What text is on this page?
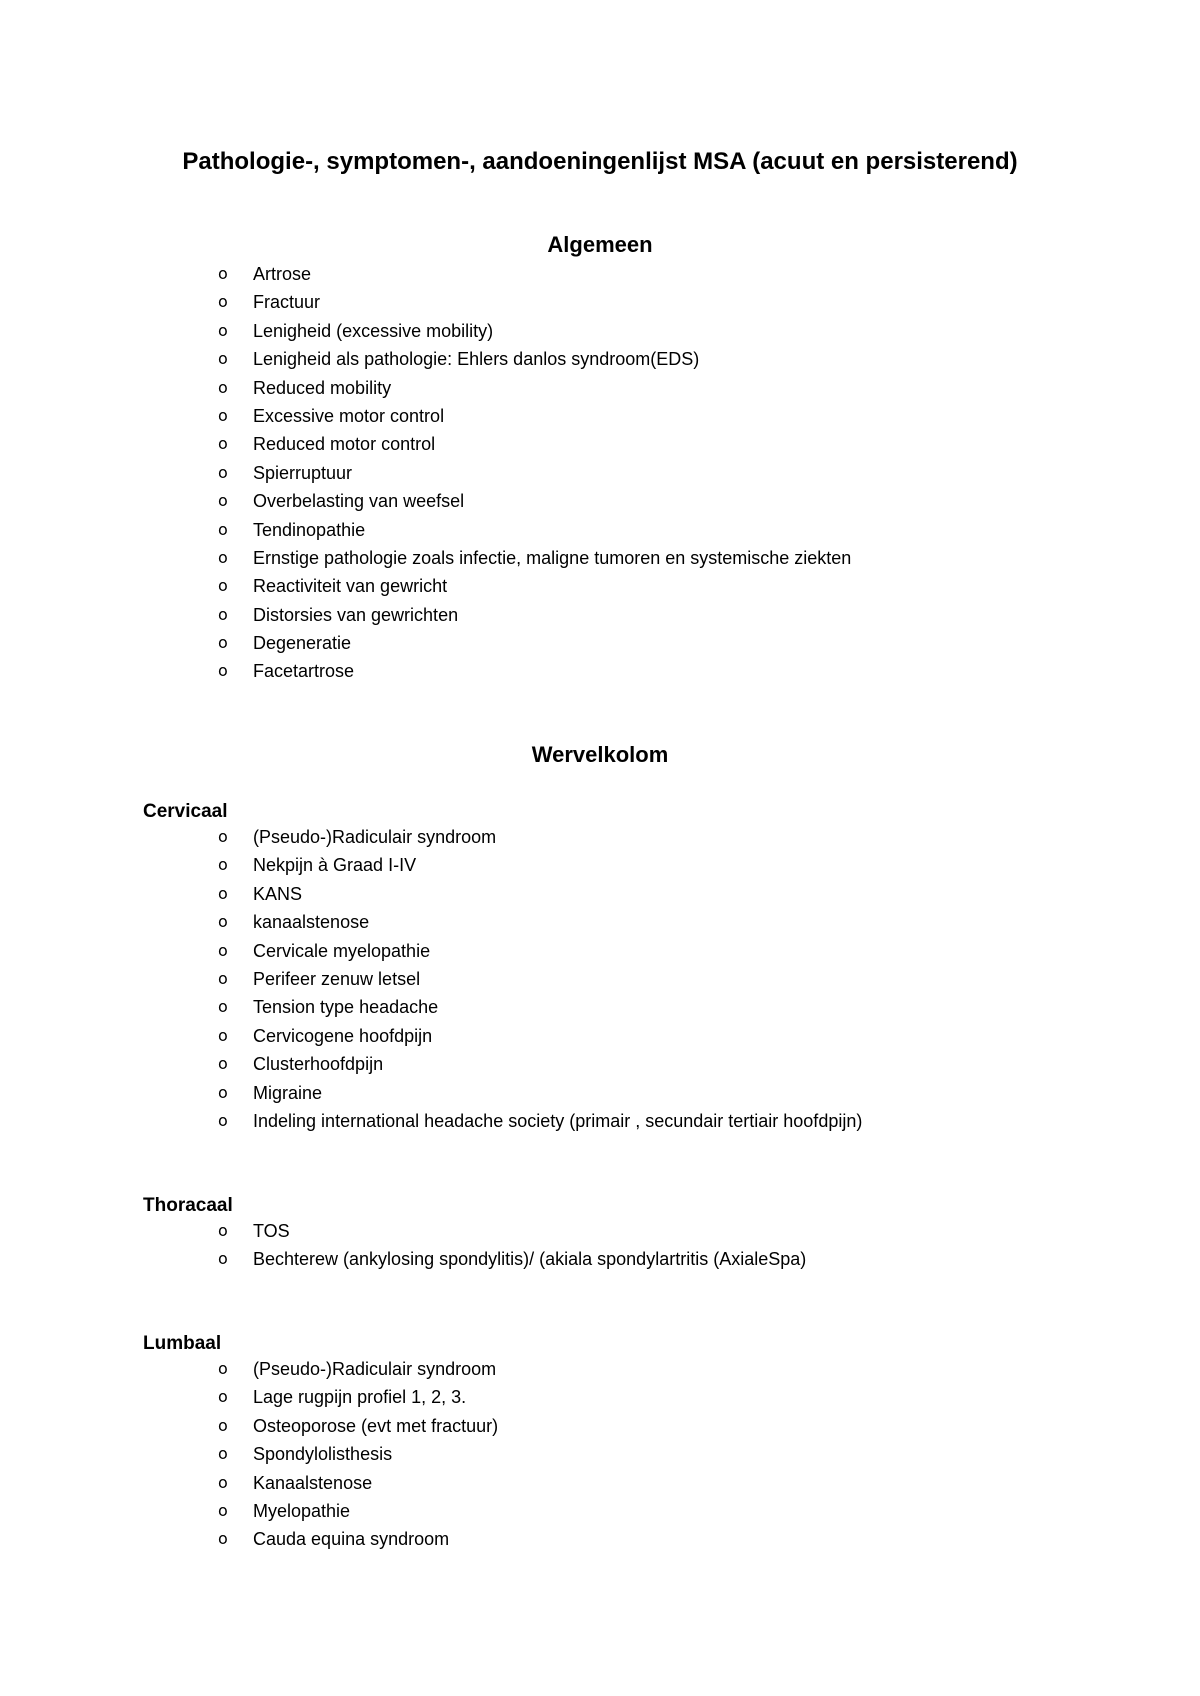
Pathologie-, symptomen-, aandoeningenlijst MSA (acuut en persisterend)
Algemeen
o Artrose
o Fractuur
o Lenigheid (excessive mobility)
o Lenigheid als pathologie: Ehlers danlos syndroom(EDS)
o Reduced mobility
o Excessive motor control
o Reduced motor control
o Spierruptuur
o Overbelasting van weefsel
o Tendinopathie
o Ernstige pathologie zoals infectie, maligne tumoren en systemische ziekten
o Reactiviteit van gewricht
o Distorsies van gewrichten
o Degeneratie
o Facetartrose
Wervelkolom
Cervicaal
o (Pseudo-)Radiculair syndroom
o Nekpijn à Graad I-IV
o KANS
o kanaalstenose
o Cervicale myelopathie
o Perifeer zenuw letsel
o Tension type headache
o Cervicogene hoofdpijn
o Clusterhoofdpijn
o Migraine
o Indeling international headache society (primair , secundair tertiair hoofdpijn)
Thoracaal
o TOS
o Bechterew (ankylosing spondylitis)/ (akiala spondylartritis (AxialeSpa)
Lumbaal
o (Pseudo-)Radiculair syndroom
o Lage rugpijn profiel 1, 2, 3.
o Osteoporose (evt met fractuur)
o Spondylolisthesis
o Kanaalstenose
o Myelopathie
o Cauda equina syndroom
